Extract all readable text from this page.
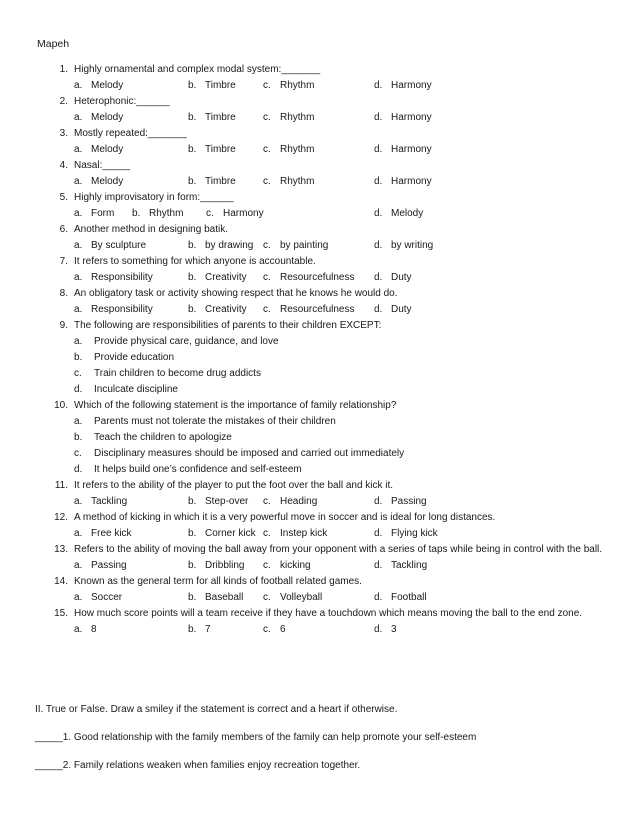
Mapeh
1. Highly ornamental and complex modal system:_______
a. Melody	b. Timbre	c. Rhythm	d. Harmony
2. Heterophonic:______
a. Melody	b. Timbre	c. Rhythm	d. Harmony
3. Mostly repeated:_______
a. Melody	b. Timbre	c. Rhythm	d. Harmony
4. Nasal:_____
a. Melody	b. Timbre	c. Rhythm	d. Harmony
5. Highly improvisatory in form:______
a. Form b. Rhythm c. Harmony	d. Melody
6. Another method in designing batik.
a. By sculpture	b. by drawing c. by painting	d. by writing
7. It refers to something for which anyone is accountable.
a. Responsibility	b. Creativity c. Resourcefulness d. Duty
8. An obligatory task or activity showing respect that he knows he would do.
a. Responsibility	b. Creativity c. Resourcefulness d. Duty
9. The following are responsibilities of parents to their children EXCEPT:
a. Provide physical care, guidance, and love
b. Provide education
c. Train children to become drug addicts
d. Inculcate discipline
10. Which of the following statement is the importance of family relationship?
a. Parents must not tolerate the mistakes of their children
b. Teach the children to apologize
c. Disciplinary measures should be imposed and carried out immediately
d. It helps build one’s confidence and self-esteem
11. It refers to the ability of the player to put the foot over the ball and kick it.
a. Tackling	b. Step-over c. Heading	d. Passing
12. A method of kicking in which it is a very powerful move in soccer and is ideal for long distances.
a. Free kick	b. Corner kick c. Instep kick	d. Flying kick
13. Refers to the ability of moving the ball away from your opponent with a series of taps while being in control with the ball.
a. Passing	b. Dribbling c. kicking	d. Tackling
14. Known as the general term for all kinds of football related games.
a. Soccer	b. Baseball c. Volleyball	d. Football
15. How much score points will a team receive if they have a touchdown which means moving the ball to the end zone.
a. 8	b. 7	c. 6	d. 3
II. True or False. Draw a smiley if the statement is correct and a heart if otherwise.
_____1. Good relationship with the family members of the family can help promote your self-esteem
_____2. Family relations weaken when families enjoy recreation together.
